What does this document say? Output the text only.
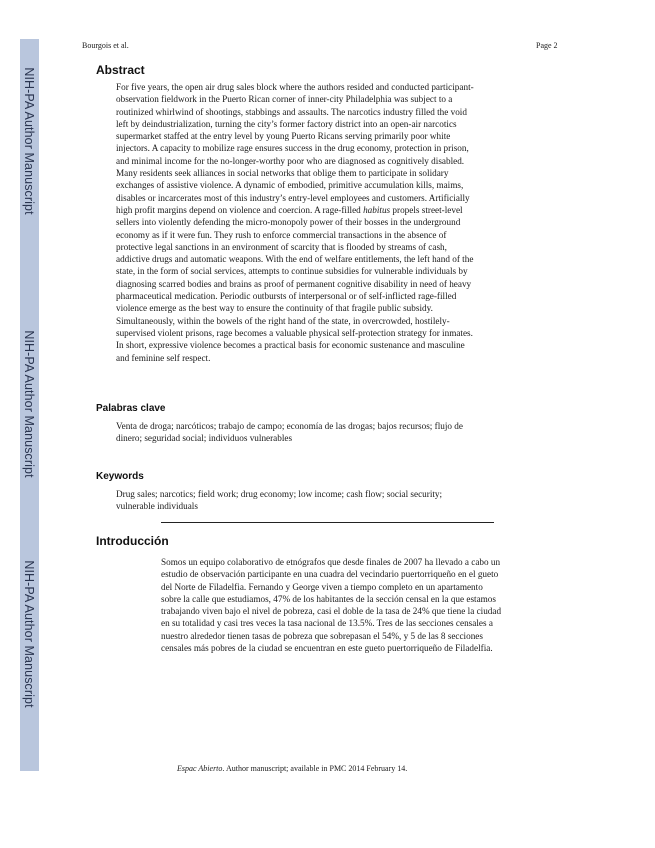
NIH-PA Author Manuscript
NIH-PA Author Manuscript
NIH-PA Author Manuscript
Bourgois et al.	Page 2
Abstract
For five years, the open air drug sales block where the authors resided and conducted participant-
observation fieldwork in the Puerto Rican corner of inner-city Philadelphia was subject to a
routinized whirlwind of shootings, stabbings and assaults. The narcotics industry filled the void
left by deindustrialization, turning the city’s former factory district into an open-air narcotics
supermarket staffed at the entry level by young Puerto Ricans serving primarily poor white
injectors. A capacity to mobilize rage ensures success in the drug economy, protection in prison,
and minimal income for the no-longer-worthy poor who are diagnosed as cognitively disabled.
Many residents seek alliances in social networks that oblige them to participate in solidary
exchanges of assistive violence. A dynamic of embodied, primitive accumulation kills, maims,
disables or incarcerates most of this industry’s entry-level employees and customers. Artificially
high profit margins depend on violence and coercion. A rage-filled habitus propels street-level
sellers into violently defending the micro-monopoly power of their bosses in the underground
economy as if it were fun. They rush to enforce commercial transactions in the absence of
protective legal sanctions in an environment of scarcity that is flooded by streams of cash,
addictive drugs and automatic weapons. With the end of welfare entitlements, the left hand of the
state, in the form of social services, attempts to continue subsidies for vulnerable individuals by
diagnosing scarred bodies and brains as proof of permanent cognitive disability in need of heavy
pharmaceutical medication. Periodic outbursts of interpersonal or of self-inflicted rage-filled
violence emerge as the best way to ensure the continuity of that fragile public subsidy.
Simultaneously, within the bowels of the right hand of the state, in overcrowded, hostilely-
supervised violent prisons, rage becomes a valuable physical self-protection strategy for inmates.
In short, expressive violence becomes a practical basis for economic sustenance and masculine
and feminine self respect.
Palabras clave
Venta de droga; narcóticos; trabajo de campo; economía de las drogas; bajos recursos; flujo de
dinero; seguridad social; individuos vulnerables
Keywords
Drug sales; narcotics; field work; drug economy; low income; cash flow; social security;
vulnerable individuals
Introducción
Somos un equipo colaborativo de etnógrafos que desde finales de 2007 ha llevado a cabo un
estudio de observación participante en una cuadra del vecindario puertorriqueño en el gueto
del Norte de Filadelfia. Fernando y George viven a tiempo completo en un apartamento
sobre la calle que estudiamos, 47% de los habitantes de la sección censal en la que estamos
trabajando viven bajo el nivel de pobreza, casi el doble de la tasa de 24% que tiene la ciudad
en su totalidad y casi tres veces la tasa nacional de 13.5%. Tres de las secciones censales a
nuestro alrededor tienen tasas de pobreza que sobrepasan el 54%, y 5 de las 8 secciones
censales más pobres de la ciudad se encuentran en este gueto puertorriqueño de Filadelfia.
Espac Abierto. Author manuscript; available in PMC 2014 February 14.
